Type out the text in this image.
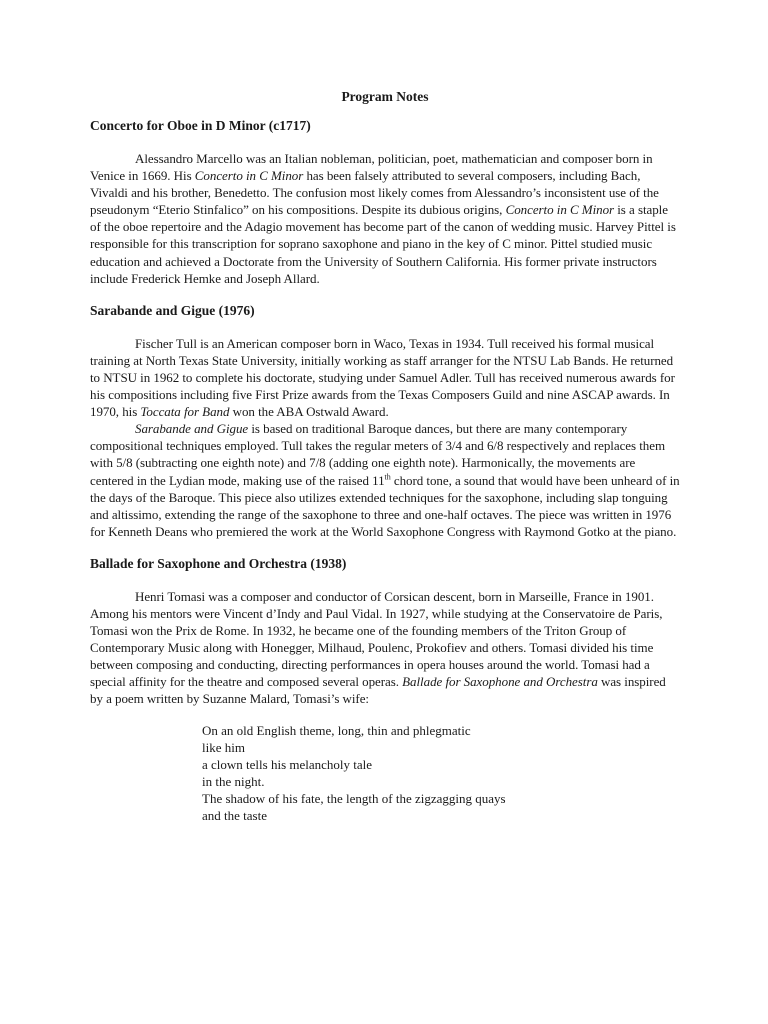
Program Notes
Concerto for Oboe in D Minor (c1717)

Alessandro Marcello was an Italian nobleman, politician, poet, mathematician and composer born in Venice in 1669. His Concerto in C Minor has been falsely attributed to several composers, including Bach, Vivaldi and his brother, Benedetto. The confusion most likely comes from Alessandro’s inconsistent use of the pseudonym “Eterio Stinfalico” on his compositions. Despite its dubious origins, Concerto in C Minor is a staple of the oboe repertoire and the Adagio movement has become part of the canon of wedding music. Harvey Pittel is responsible for this transcription for soprano saxophone and piano in the key of C minor. Pittel studied music education and achieved a Doctorate from the University of Southern California. His former private instructors include Frederick Hemke and Joseph Allard.

Sarabande and Gigue (1976)

Fischer Tull is an American composer born in Waco, Texas in 1934. Tull received his formal musical training at North Texas State University, initially working as staff arranger for the NTSU Lab Bands. He returned to NTSU in 1962 to complete his doctorate, studying under Samuel Adler. Tull has received numerous awards for his compositions including five First Prize awards from the Texas Composers Guild and nine ASCAP awards. In 1970, his Toccata for Band won the ABA Ostwald Award.

Sarabande and Gigue is based on traditional Baroque dances, but there are many contemporary compositional techniques employed. Tull takes the regular meters of 3/4 and 6/8 respectively and replaces them with 5/8 (subtracting one eighth note) and 7/8 (adding one eighth note). Harmonically, the movements are centered in the Lydian mode, making use of the raised 11th chord tone, a sound that would have been unheard of in the days of the Baroque. This piece also utilizes extended techniques for the saxophone, including slap tonguing and altissimo, extending the range of the saxophone to three and one-half octaves. The piece was written in 1976 for Kenneth Deans who premiered the work at the World Saxophone Congress with Raymond Gotko at the piano.

Ballade for Saxophone and Orchestra (1938)

Henri Tomasi was a composer and conductor of Corsican descent, born in Marseille, France in 1901. Among his mentors were Vincent d’Indy and Paul Vidal. In 1927, while studying at the Conservatoire de Paris, Tomasi won the Prix de Rome. In 1932, he became one of the founding members of the Triton Group of Contemporary Music along with Honegger, Milhaud, Poulenc, Prokofiev and others. Tomasi divided his time between composing and conducting, directing performances in opera houses around the world. Tomasi had a special affinity for the theatre and composed several operas. Ballade for Saxophone and Orchestra was inspired by a poem written by Suzanne Malard, Tomasi’s wife:

On an old English theme, long, thin and phlegmatic
like him
a clown tells his melancholy tale
in the night.
The shadow of his fate, the length of the zigzagging quays
and the taste
